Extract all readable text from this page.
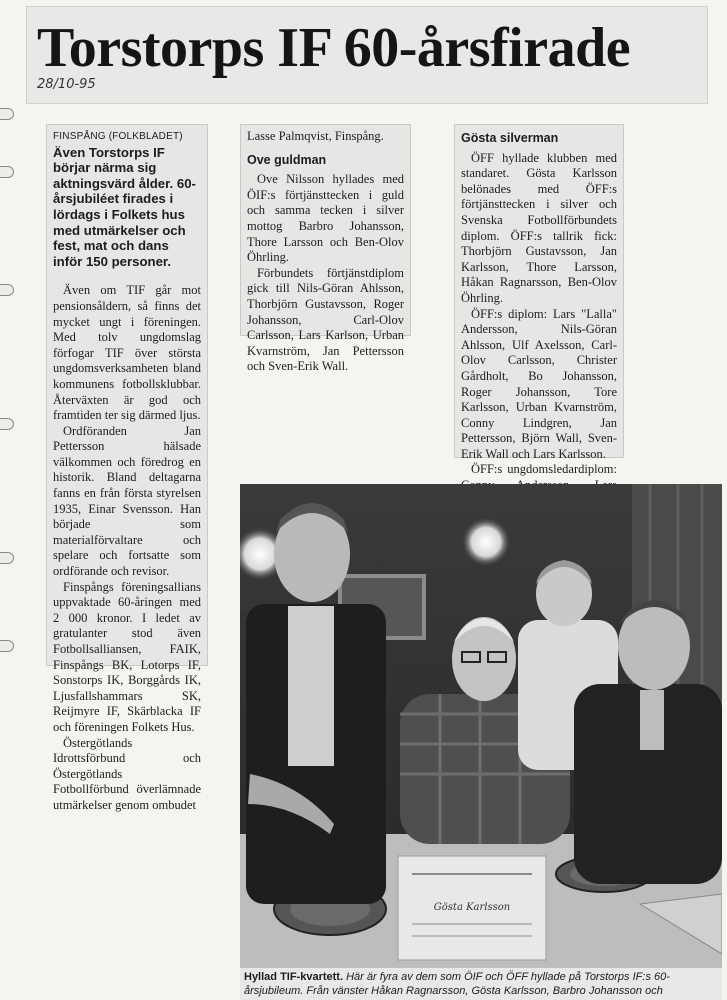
Torstorps IF 60-årsfirade
28/10-95
FINSPÅNG (FOLKBLADET)
Även Torstorps IF börjar närma sig aktningsvärd ålder. 60-årsjubiléet firades i lördags i Folkets hus med utmärkelser och fest, mat och dans inför 150 personer.

Även om TIF går mot pensionsåldern, så finns det mycket ungt i föreningen. Med tolv ungdomslag förfogar TIF över största ungdomsverksamheten bland kommunens fotbollsklubbar. Återväxten är god och framtiden ter sig därmed ljus.

Ordföranden Jan Pettersson hälsade välkommen och föredrog en historik. Bland deltagarna fanns en från första styrelsen 1935, Einar Svensson. Han började som materialförvaltare och spelare och fortsatte som ordförande och revisor.

Finspångs föreningsallians uppvaktade 60-åringen med 2 000 kronor. I ledet av gratulanter stod även Fotbollsalliansen, FAIK, Finspångs BK, Lotorps IF, Sonstorps IK, Borggårds IK, Ljusfallshammars SK, Reijmyre IF, Skärblacka IF och föreningen Folkets Hus.

Östergötlands Idrottsförbund och Östergötlands Fotbollförbund överlämnade utmärkelser genom ombudet

Lasse Palmqvist, Finspång.
Ove guldman

Ove Nilsson hyllades med ÖIF:s förtjänsttecken i guld och samma tecken i silver mottog Barbro Johansson, Thore Larsson och Ben-Olov Öhrling.

Förbundets förtjänstdiplom gick till Nils-Göran Ahlsson, Thorbjörn Gustavsson, Roger Johansson, Carl-Olov Carlsson, Lars Karlson, Urban Kvarnström, Jan Pettersson och Sven-Erik Wall.

Gösta silverman

ÖFF hyllade klubben med standaret. Gösta Karlsson belönades med ÖFF:s förtjänsttecken i silver och Svenska Fotbollförbundets diplom. ÖFF:s tallrik fick: Thorbjörn Gustavsson, Jan Karlsson, Thore Larsson, Håkan Ragnarsson, Ben-Olov Öhrling.

ÖFF:s diplom: Lars "Lalla" Andersson, Nils-Göran Ahlsson, Ulf Axelsson, Carl-Olov Carlsson, Christer Gårdholt, Bo Johansson, Roger Johansson, Tore Karlsson, Urban Kvarnström, Conny Lindgren, Jan Pettersson, Björn Wall, Sven-Erik Wall och Lars Karlsson.

ÖFF:s ungdomsledardiplom:

Gösta Karlsson
Hyllad TIF-kvartett. Här är fyra av dem som ÖIF och ÖFF hyllade på Torstorps IF:s 60-årsjubileum. Från vänster Håkan Ragnarsson, Gösta Karlsson, Barbro Johansson och
